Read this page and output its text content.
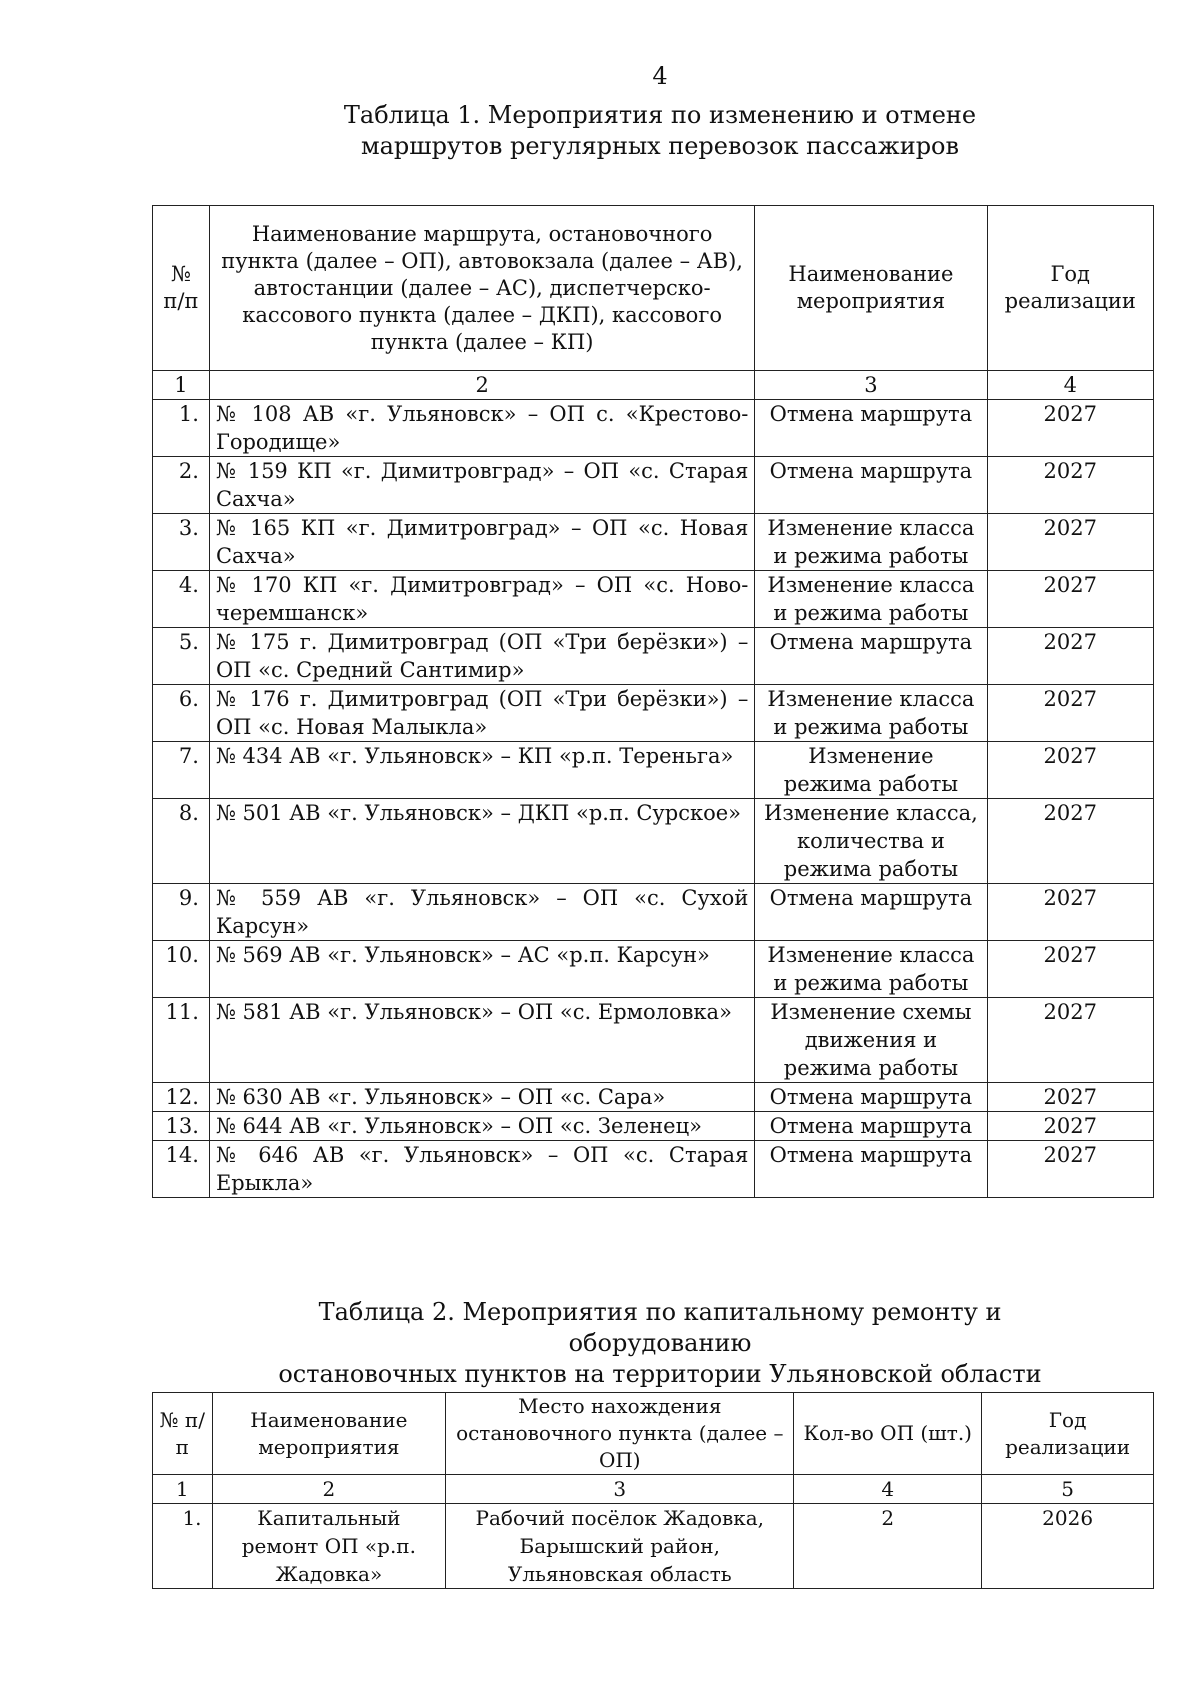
4
Таблица 1. Мероприятия по изменению и отмене
маршрутов регулярных перевозок пассажиров
№ п/п	Наименование маршрута, остановочного пункта (далее – ОП), автовокзала (далее – АВ), автостанции (далее – АС), диспетчерско-кассового пункта (далее – ДКП), кассового пункта (далее – КП)	Наименование мероприятия	Год реализации
1	2	3	4
1.	№ 108 АВ «г. Ульяновск» – ОП с. «Крестово-Городище»	Отмена маршрута	2027
2.	№ 159 КП «г. Димитровград» – ОП «с. Старая Сахча»	Отмена маршрута	2027
3.	№ 165 КП «г. Димитровград» – ОП «с. Новая Сахча»	Изменение класса и режима работы	2027
4.	№ 170 КП «г. Димитровград» – ОП «с. Ново-черемшанск»	Изменение класса и режима работы	2027
5.	№ 175 г. Димитровград (ОП «Три берёзки») – ОП «с. Средний Сантимир»	Отмена маршрута	2027
6.	№ 176 г. Димитровград (ОП «Три берёзки») – ОП «с. Новая Малыкла»	Изменение класса и режима работы	2027
7.	№ 434 АВ «г. Ульяновск» – КП «р.п. Тереньга»	Изменение режима работы	2027
8.	№ 501 АВ «г. Ульяновск» – ДКП «р.п. Сурское»	Изменение класса, количества и режима работы	2027
9.	№ 559 АВ «г. Ульяновск» – ОП «с. Сухой Карсун»	Отмена маршрута	2027
10.	№ 569 АВ «г. Ульяновск» – АС «р.п. Карсун»	Изменение класса и режима работы	2027
11.	№ 581 АВ «г. Ульяновск» – ОП «с. Ермоловка»	Изменение схемы движения и режима работы	2027
12.	№ 630 АВ «г. Ульяновск» – ОП «с. Сара»	Отмена маршрута	2027
13.	№ 644 АВ «г. Ульяновск» – ОП «с. Зеленец»	Отмена маршрута	2027
14.	№ 646 АВ «г. Ульяновск» – ОП «с. Старая Ерыкла»	Отмена маршрута	2027
Таблица 2. Мероприятия по капитальному ремонту и оборудованию
остановочных пунктов на территории Ульяновской области
№ п/п	Наименование мероприятия	Место нахождения остановочного пункта (далее – ОП)	Кол-во ОП (шт.)	Год реализации
1	2	3	4	5
1.	Капитальный ремонт ОП «р.п. Жадовка»	Рабочий посёлок Жадовка, Барышский район, Ульяновская область	2	2026
